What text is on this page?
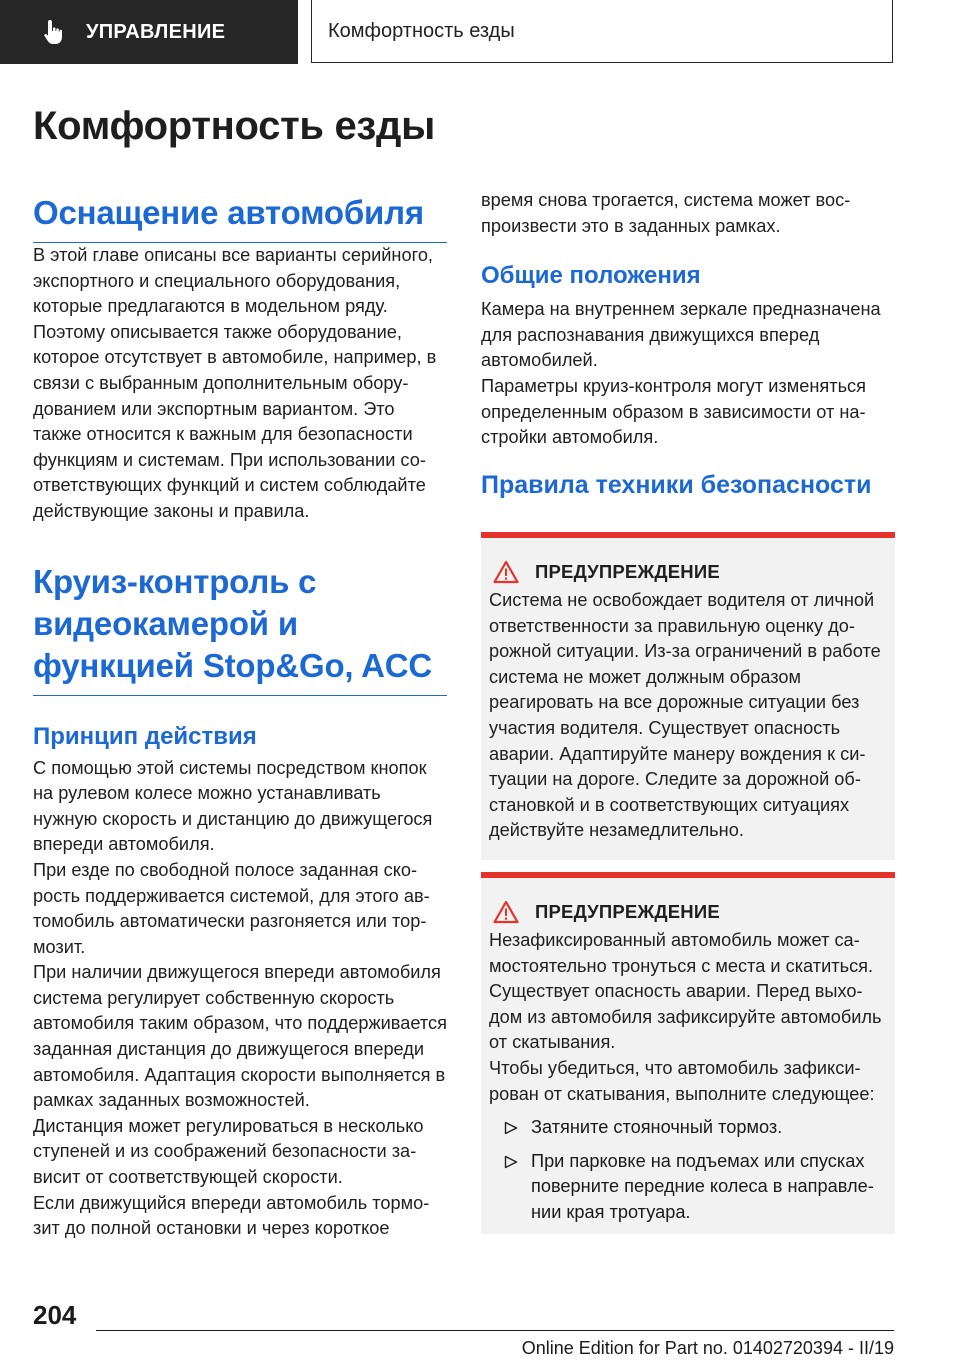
УПРАВЛЕНИЕ	Комфортность езды
Комфортность езды
Оснащение автомобиля

В этой главе описаны все варианты серийного, экспортного и специального оборудования, которые предлагаются в модельном ряду. Поэтому описывается также оборудование, которое отсутствует в автомобиле, например, в связи с выбранным дополнительным оборудованием или экспортным вариантом. Это также относится к важным для безопасности функциям и системам. При использовании соответствующих функций и систем соблюдайте действующие законы и правила.

Круиз-контроль с видеокамерой и функцией Stop&Go, ACC
Принцип действия

С помощью этой системы посредством кнопок на рулевом колесе можно устанавливать нужную скорость и дистанцию до движущегося впереди автомобиля.

При езде по свободной полосе заданная скорость поддерживается системой, для этого автомобиль автоматически разгоняется или тормозит.

При наличии движущегося впереди автомобиля система регулирует собственную скорость автомобиля таким образом, что поддерживается заданная дистанция до движущегося впереди автомобиля. Адаптация скорости выполняется в рамках заданных возможностей.

Дистанция может регулироваться в несколько ступеней и из соображений безопасности зависит от соответствующей скорости.

Если движущийся впереди автомобиль тормозит до полной остановки и через короткое

время снова трогается, система может воспроизвести это в заданных рамках.

Общие положения

Камера на внутреннем зеркале предназначена для распознавания движущихся вперед автомобилей.

Параметры круиз-контроля могут изменяться определенным образом в зависимости от настройки автомобиля.

Правила техники безопасности
ПРЕДУПРЕЖДЕНИЕ

Система не освобождает водителя от личной ответственности за правильную оценку дорожной ситуации. Из-за ограничений в работе система не может должным образом реагировать на все дорожные ситуации без участия водителя. Существует опасность аварии. Адаптируйте манеру вождения к ситуации на дороге. Следите за дорожной обстановкой и в соответствующих ситуациях действуйте незамедлительно.

ПРЕДУПРЕЖДЕНИЕ

Незафиксированный автомобиль может самостоятельно тронуться с места и скатиться. Существует опасность аварии. Перед выходом из автомобиля зафиксируйте автомобиль от скатывания.

Чтобы убедиться, что автомобиль зафиксирован от скатывания, выполните следующее:

Затяните стояночный тормоз.
При парковке на подъемах или спусках поверните передние колеса в направлении края тротуара.
204
Online Edition for Part no. 01402720394 - II/19
